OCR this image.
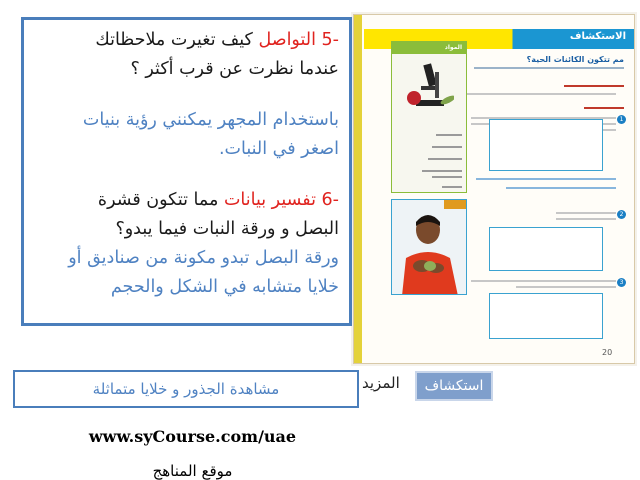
الاستكشاف
مم تتكون الكائنات الحية؟
1
2
3
المواد
20
-5 التواصل كيف تغيرت ملاحظاتك
عندما نظرت عن قرب أكثر ؟
باستخدام المجهر يمكنني رؤية بنيات
اصغر في النبات.
-6 تفسير بيانات مما تتكون قشرة
البصل و ورقة النبات فيما يبدو؟
ورقة البصل تبدو مكونة من صناديق أو
خلايا متشابه في الشكل والحجم
مشاهدة الجذور و خلايا متماثلة	المزيد	استكشاف
www.syCourse.com/uae
موقع المناهج
